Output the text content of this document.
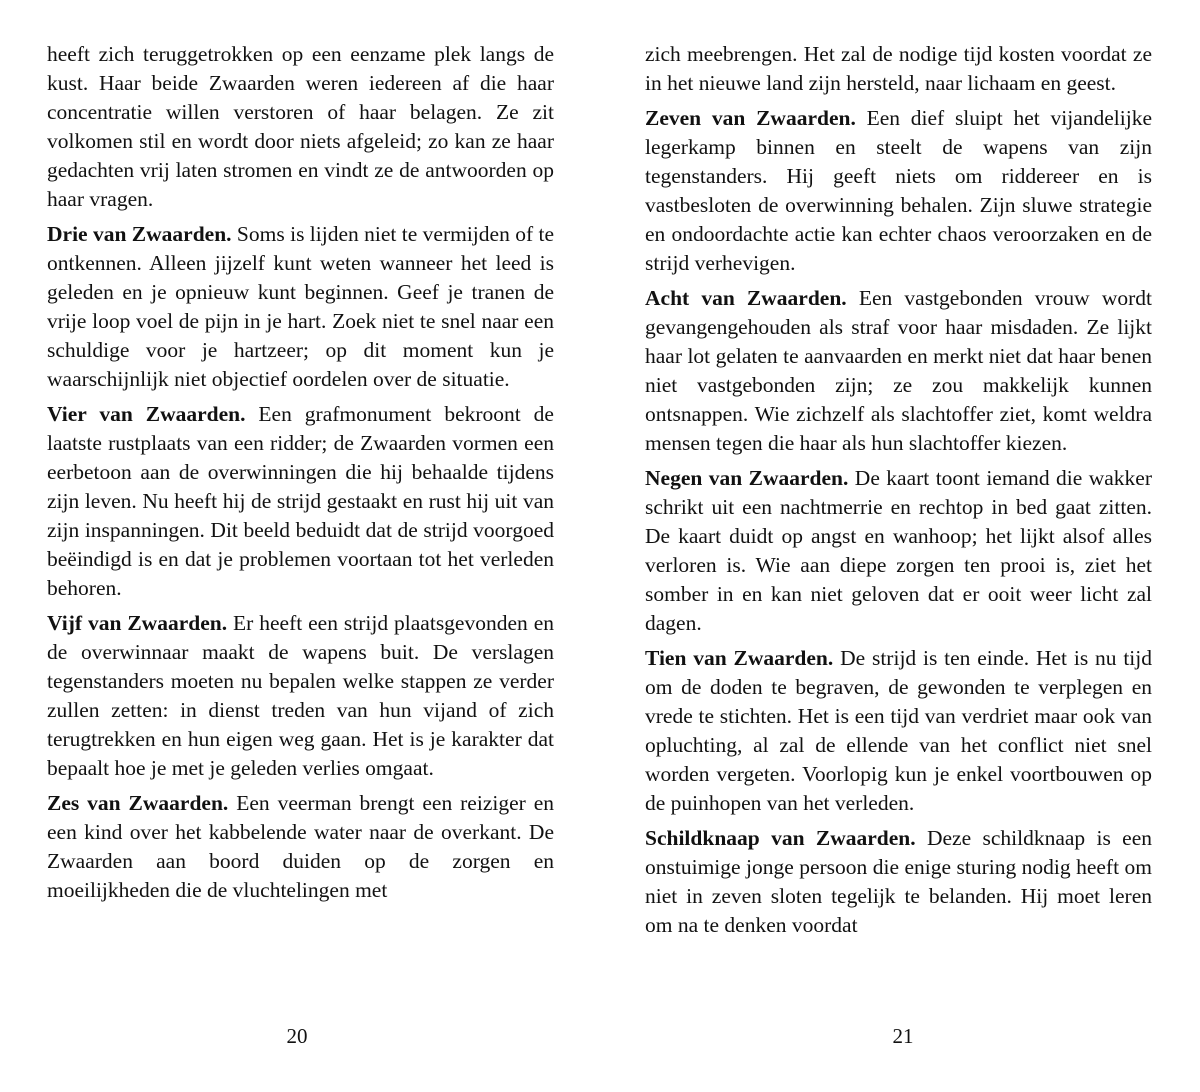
heeft zich teruggetrokken op een eenzame plek langs de kust. Haar beide Zwaarden weren iedereen af die haar concentratie willen verstoren of haar belagen. Ze zit volkomen stil en wordt door niets afgeleid; zo kan ze haar gedachten vrij laten stromen en vindt ze de antwoorden op haar vragen.

Drie van Zwaarden. Soms is lijden niet te vermijden of te ontkennen. Alleen jijzelf kunt weten wanneer het leed is geleden en je opnieuw kunt beginnen. Geef je tranen de vrije loop voel de pijn in je hart. Zoek niet te snel naar een schuldige voor je hartzeer; op dit moment kun je waarschijnlijk niet objectief oordelen over de situatie.

Vier van Zwaarden. Een grafmonument bekroont de laatste rustplaats van een ridder; de Zwaarden vormen een eerbetoon aan de overwinningen die hij behaalde tijdens zijn leven. Nu heeft hij de strijd gestaakt en rust hij uit van zijn inspanningen. Dit beeld beduidt dat de strijd voorgoed beëindigd is en dat je problemen voortaan tot het verleden behoren.

Vijf van Zwaarden. Er heeft een strijd plaatsgevonden en de overwinnaar maakt de wapens buit. De verslagen tegenstanders moeten nu bepalen welke stappen ze verder zullen zetten: in dienst treden van hun vijand of zich terugtrekken en hun eigen weg gaan. Het is je karakter dat bepaalt hoe je met je geleden verlies omgaat.

Zes van Zwaarden. Een veerman brengt een reiziger en een kind over het kabbelende water naar de overkant. De Zwaarden aan boord duiden op de zorgen en moeilijkheden die de vluchtelingen met

20

zich meebrengen. Het zal de nodige tijd kosten voordat ze in het nieuwe land zijn hersteld, naar lichaam en geest.

Zeven van Zwaarden. Een dief sluipt het vijandelijke legerkamp binnen en steelt de wapens van zijn tegenstanders. Hij geeft niets om riddereer en is vastbesloten de overwinning behalen. Zijn sluwe strategie en ondoordachte actie kan echter chaos veroorzaken en de strijd verhevigen.

Acht van Zwaarden. Een vastgebonden vrouw wordt gevangengehouden als straf voor haar misdaden. Ze lijkt haar lot gelaten te aanvaarden en merkt niet dat haar benen niet vastgebonden zijn; ze zou makkelijk kunnen ontsnappen. Wie zichzelf als slachtoffer ziet, komt weldra mensen tegen die haar als hun slachtoffer kiezen.

Negen van Zwaarden. De kaart toont iemand die wakker schrikt uit een nachtmerrie en rechtop in bed gaat zitten. De kaart duidt op angst en wanhoop; het lijkt alsof alles verloren is. Wie aan diepe zorgen ten prooi is, ziet het somber in en kan niet geloven dat er ooit weer licht zal dagen.

Tien van Zwaarden. De strijd is ten einde. Het is nu tijd om de doden te begraven, de gewonden te verplegen en vrede te stichten. Het is een tijd van verdriet maar ook van opluchting, al zal de ellende van het conflict niet snel worden vergeten. Voorlopig kun je enkel voortbouwen op de puinhopen van het verleden.

Schildknaap van Zwaarden. Deze schildknaap is een onstuimige jonge persoon die enige sturing nodig heeft om niet in zeven sloten tegelijk te belanden. Hij moet leren om na te denken voordat

21
